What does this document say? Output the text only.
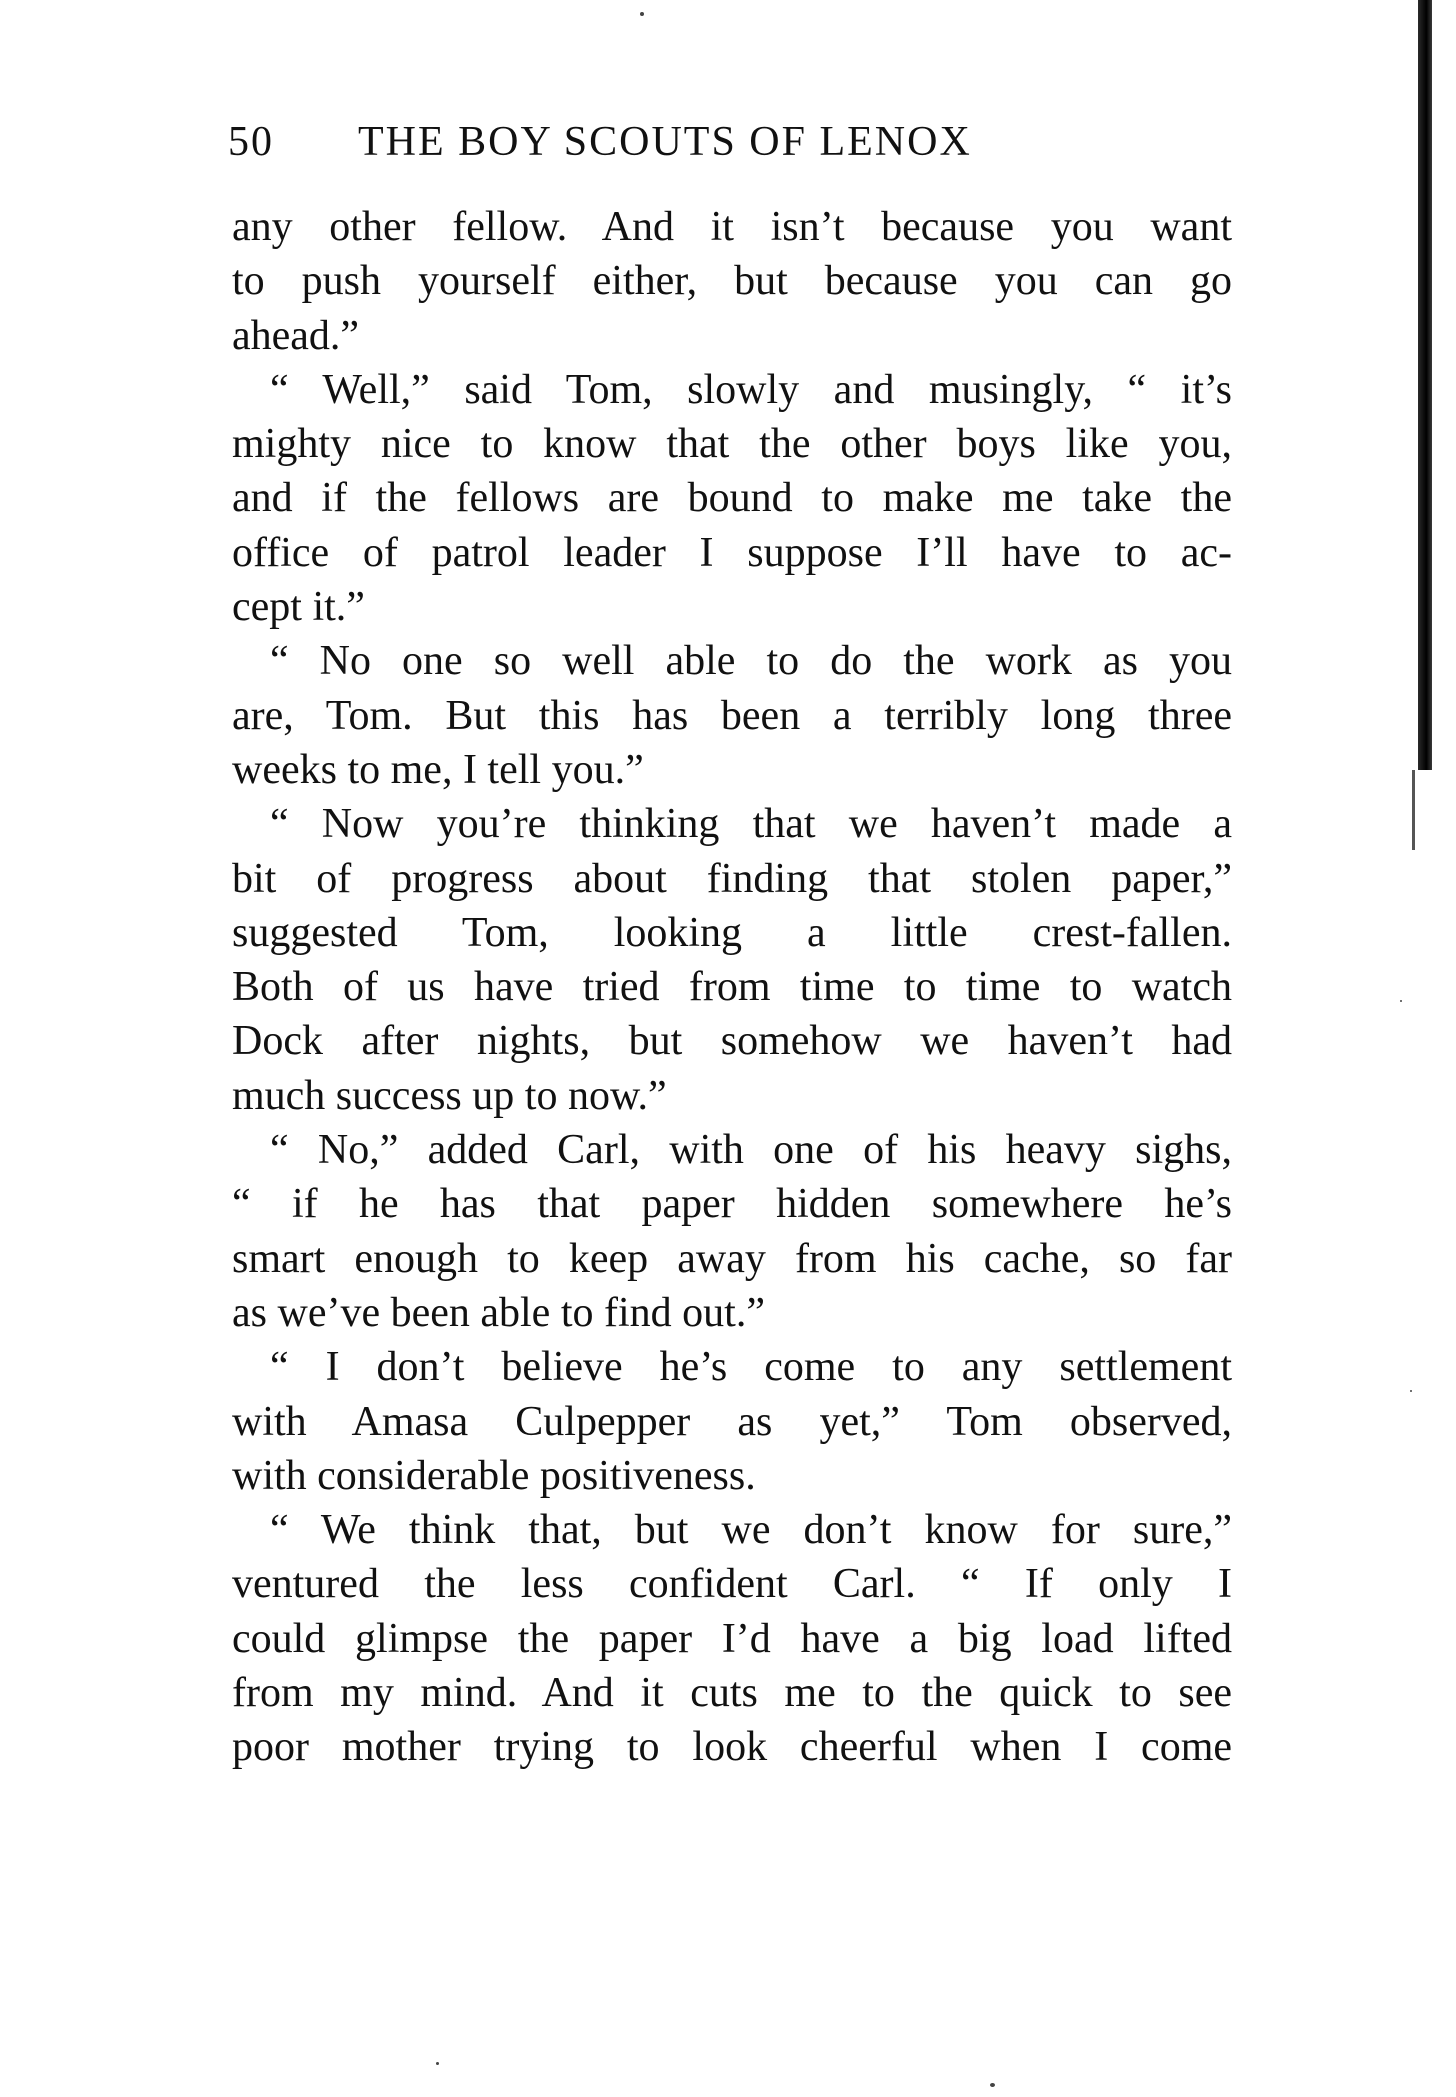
50 THE BOY SCOUTS OF LENOX
any other fellow. And it isn’t because you want
to push yourself either, but because you can go
ahead.”
“ Well,” said Tom, slowly and musingly, “ it’s
mighty nice to know that the other boys like you,
and if the fellows are bound to make me take the
office of patrol leader I suppose I’ll have to ac-
cept it.”
“ No one so well able to do the work as you
are, Tom. But this has been a terribly long three
weeks to me, I tell you.”
“ Now you’re thinking that we haven’t made a
bit of progress about finding that stolen paper,”
suggested Tom, looking a little crest-fallen.
Both of us have tried from time to time to watch
Dock after nights, but somehow we haven’t had
much success up to now.”
“ No,” added Carl, with one of his heavy sighs,
“ if he has that paper hidden somewhere he’s
smart enough to keep away from his cache, so far
as we’ve been able to find out.”
“ I don’t believe he’s come to any settlement
with Amasa Culpepper as yet,” Tom observed,
with considerable positiveness.
“ We think that, but we don’t know for sure,”
ventured the less confident Carl. “ If only I
could glimpse the paper I’d have a big load lifted
from my mind. And it cuts me to the quick to see
poor mother trying to look cheerful when I come
